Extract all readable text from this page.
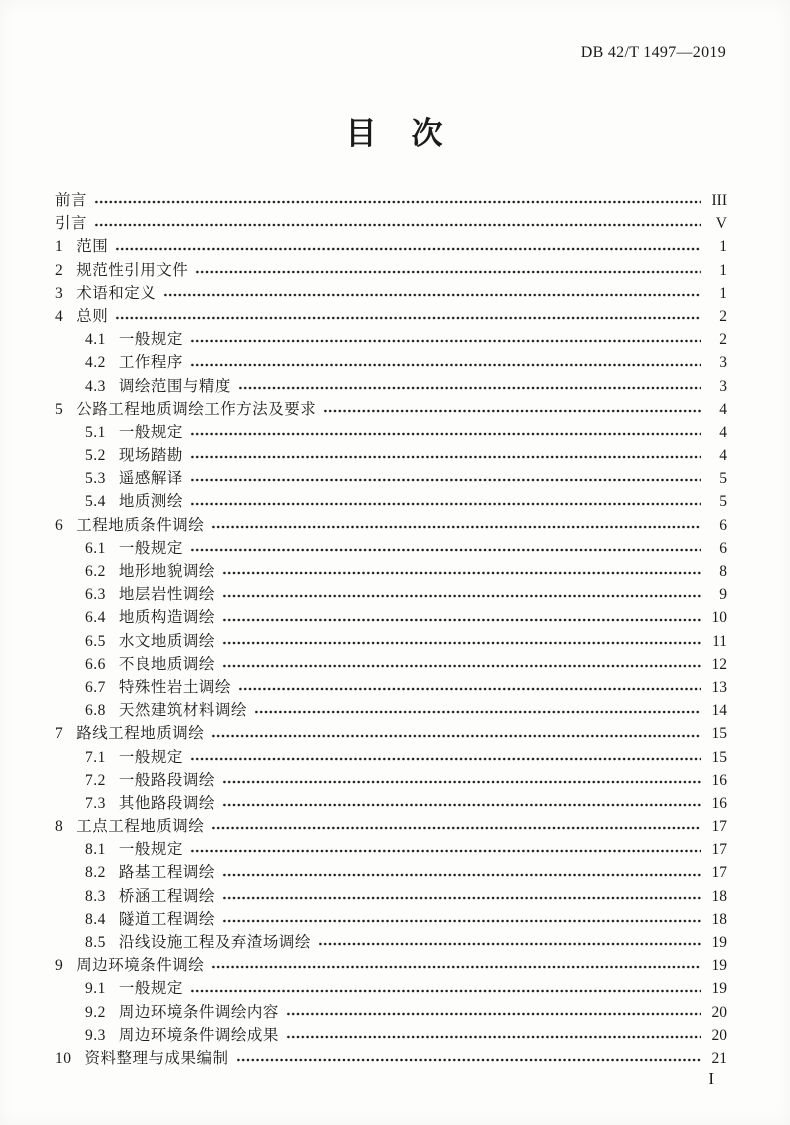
DB 42/T 1497—2019
目　次
前言	III
引言	V
1 范围	1
2 规范性引用文件	1
3 术语和定义	1
4 总则	2
4.1 一般规定	2
4.2 工作程序	3
4.3 调绘范围与精度	3
5 公路工程地质调绘工作方法及要求	4
5.1 一般规定	4
5.2 现场踏勘	4
5.3 遥感解译	5
5.4 地质测绘	5
6 工程地质条件调绘	6
6.1 一般规定	6
6.2 地形地貌调绘	8
6.3 地层岩性调绘	9
6.4 地质构造调绘	10
6.5 水文地质调绘	11
6.6 不良地质调绘	12
6.7 特殊性岩土调绘	13
6.8 天然建筑材料调绘	14
7 路线工程地质调绘	15
7.1 一般规定	15
7.2 一般路段调绘	16
7.3 其他路段调绘	16
8 工点工程地质调绘	17
8.1 一般规定	17
8.2 路基工程调绘	17
8.3 桥涵工程调绘	18
8.4 隧道工程调绘	18
8.5 沿线设施工程及弃渣场调绘	19
9 周边环境条件调绘	19
9.1 一般规定	19
9.2 周边环境条件调绘内容	20
9.3 周边环境条件调绘成果	20
10 资料整理与成果编制	21
I
